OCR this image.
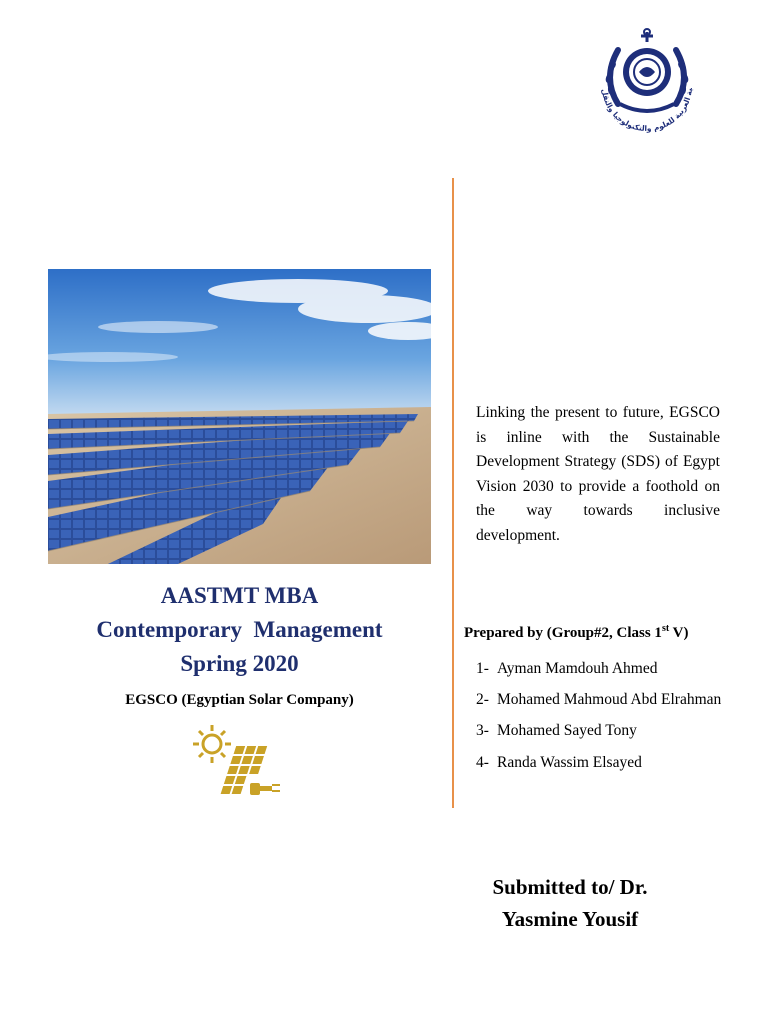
ية العربية للعلوم والتكنولوجيا والنقل
AASTMT MBA
Contemporary  Management
Spring 2020
EGSCO (Egyptian Solar Company)
Linking the present to future, EGSCO is inline with the Sustainable Development Strategy (SDS) of Egypt Vision 2030 to provide a foothold on the way towards inclusive development.
Prepared by (Group#2, Class 1st V)
1- Ayman Mamdouh Ahmed
2- Mohamed Mahmoud Abd Elrahman
3- Mohamed Sayed Tony
4- Randa Wassim Elsayed
Submitted to/ Dr.
Yasmine Yousif
